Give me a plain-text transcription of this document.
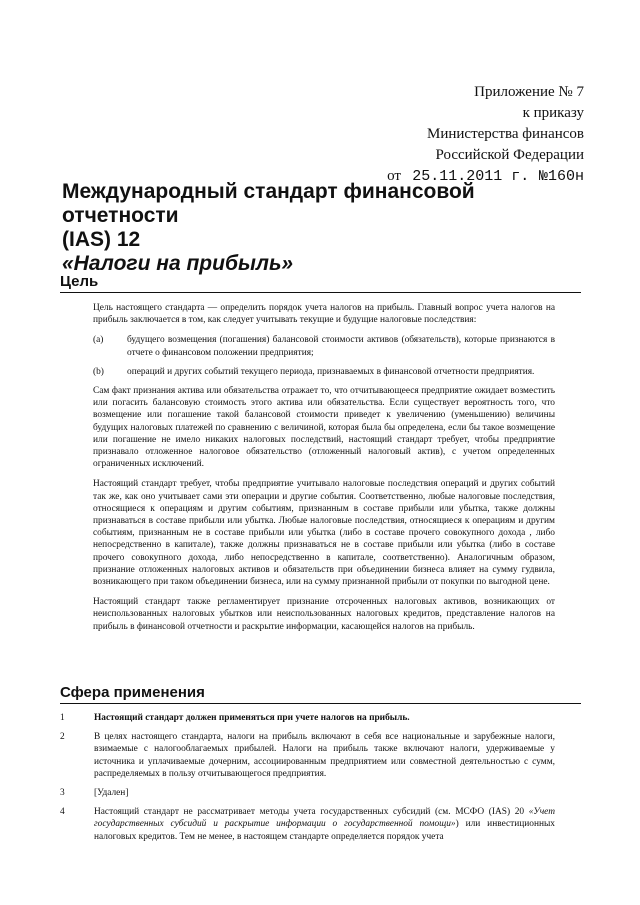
Приложение № 7
к приказу
Министерства финансов
Российской Федерации
от 25.11.2011 г. №160н
Международный стандарт финансовой отчетности
(IAS) 12
«Налоги на прибыль»
Цель

Цель настоящего стандарта — определить порядок учета налогов на прибыль. Главный вопрос учета налогов на прибыль заключается в том, как следует учитывать текущие и будущие налоговые последствия:

(a)	будущего возмещения (погашения) балансовой стоимости активов (обязательств), которые признаются в отчете о финансовом положении предприятия;
(b)	операций и других событий текущего периода, признаваемых в финансовой отчетности предприятия.

Сам факт признания актива или обязательства отражает то, что отчитывающееся предприятие ожидает возместить или погасить балансовую стоимость этого актива или обязательства. Если существует вероятность того, что возмещение или погашение такой балансовой стоимости приведет к увеличению (уменьшению) величины будущих налоговых платежей по сравнению с величиной, которая была бы определена, если бы такое возмещение или погашение не имело никаких налоговых последствий, настоящий стандарт требует, чтобы предприятие признавало отложенное налоговое обязательство (отложенный налоговый актив), с учетом определенных ограниченных исключений.

Настоящий стандарт требует, чтобы предприятие учитывало налоговые последствия операций и других событий так же, как оно учитывает сами эти операции и другие события. Соответственно, любые налоговые последствия, относящиеся к операциям и другим событиям, признанным в составе прибыли или убытка, также должны признаваться в составе прибыли или убытка. Любые налоговые последствия, относящиеся к операциям и другим событиям, признанным не в составе прибыли или убытка (либо в составе прочего совокупного дохода , либо непосредственно в капитале), также должны признаваться не в составе прибыли или убытка (либо в составе прочего совокупного дохода, либо непосредственно в капитале, соответственно). Аналогичным образом, признание отложенных налоговых активов и обязательств при объединении бизнеса влияет на сумму гудвила, возникающего при таком объединении бизнеса, или на сумму признанной прибыли от покупки по выгодной цене.

Настоящий стандарт также регламентирует признание отсроченных налоговых активов, возникающих от неиспользованных налоговых убытков или неиспользованных налоговых кредитов, представление налогов на прибыль в финансовой отчетности и раскрытие информации, касающейся налогов на прибыль.

Сфера применения
1	Настоящий стандарт должен применяться при учете налогов на прибыль.
2	В целях настоящего стандарта, налоги на прибыль включают в себя все национальные и зарубежные налоги, взимаемые с налогооблагаемых прибылей. Налоги на прибыль также включают налоги, удерживаемые у источника и уплачиваемые дочерним, ассоциированным предприятием или совместной деятельностью с сумм, распределяемых в пользу отчитывающегося предприятия.
3	[Удален]
4	Настоящий стандарт не рассматривает методы учета государственных субсидий (см. МСФО (IAS) 20 «Учет государственных субсидий и раскрытие информации о государственной помощи») или инвестиционных налоговых кредитов. Тем не менее, в настоящем стандарте определяется порядок учета
